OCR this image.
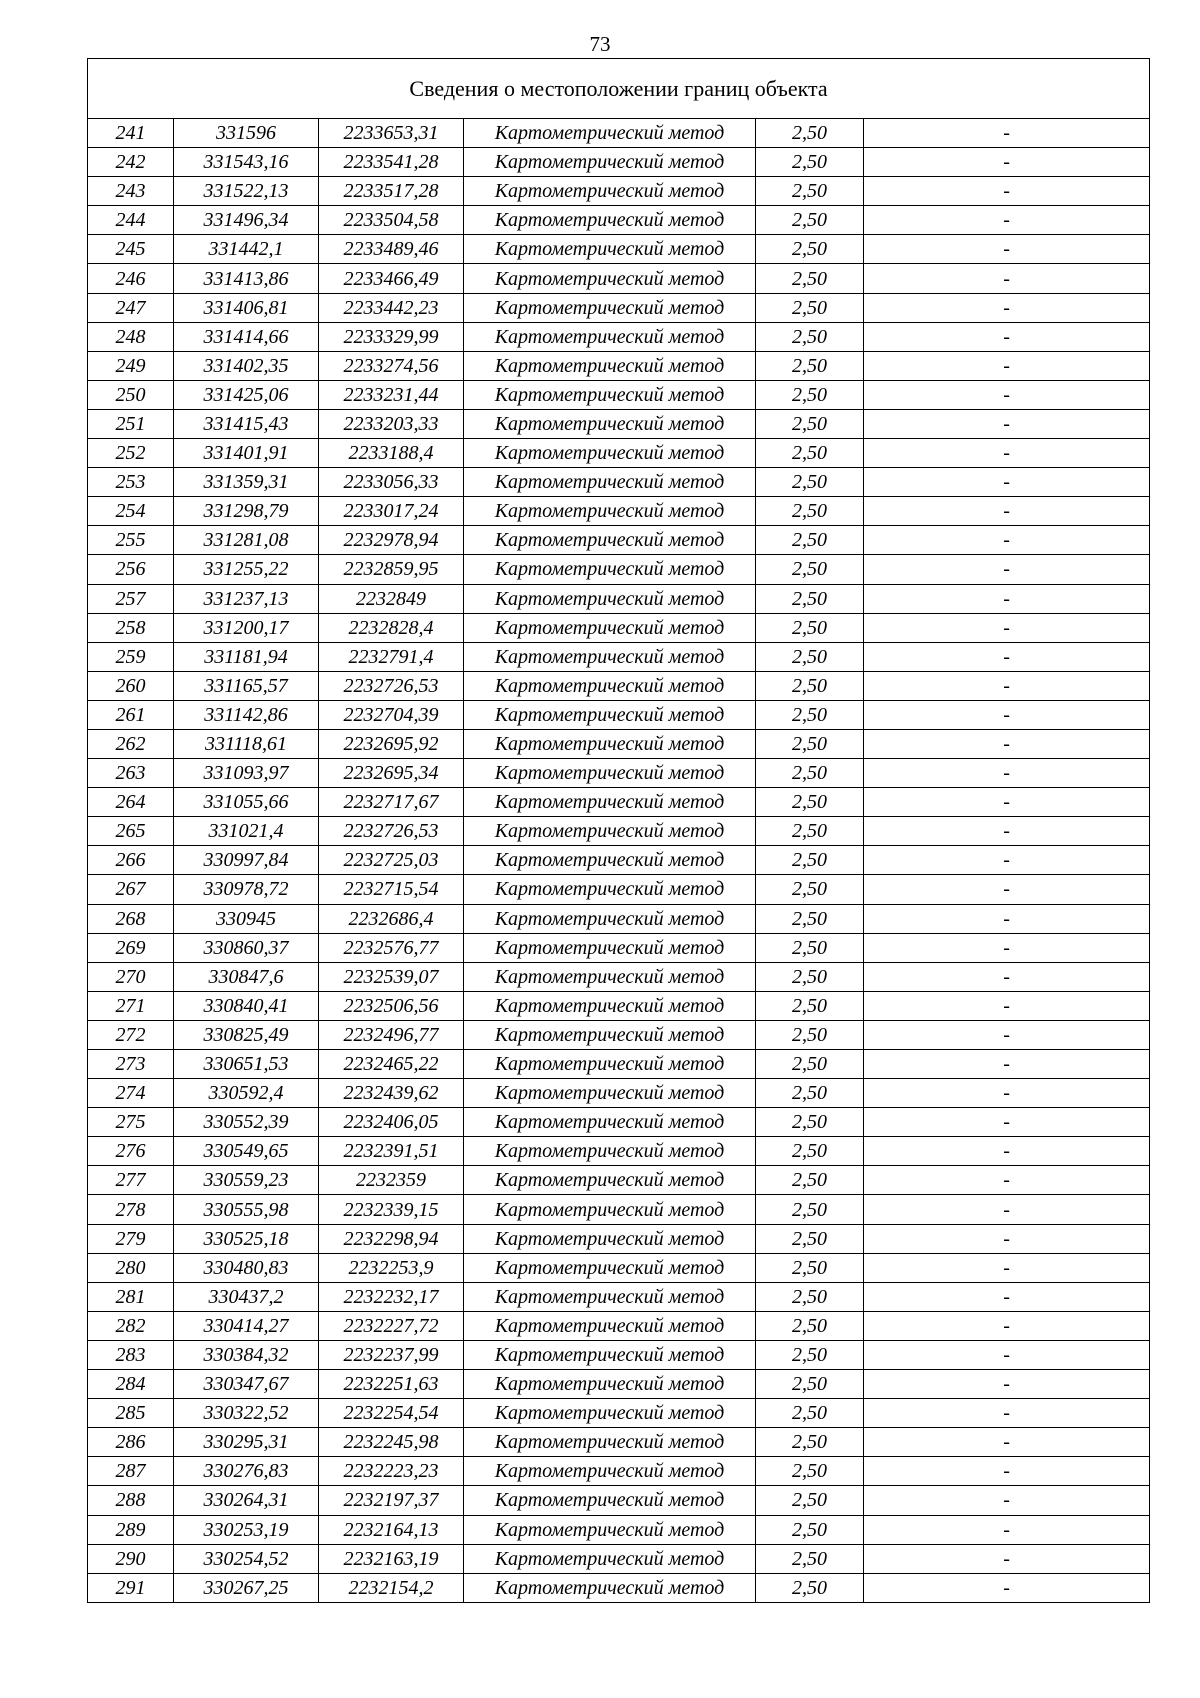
73
Сведения о местоположении границ объекта					
241	331596	2233653,31	Картометрический метод	2,50	-
242	331543,16	2233541,28	Картометрический метод	2,50	-
243	331522,13	2233517,28	Картометрический метод	2,50	-
244	331496,34	2233504,58	Картометрический метод	2,50	-
245	331442,1	2233489,46	Картометрический метод	2,50	-
246	331413,86	2233466,49	Картометрический метод	2,50	-
247	331406,81	2233442,23	Картометрический метод	2,50	-
248	331414,66	2233329,99	Картометрический метод	2,50	-
249	331402,35	2233274,56	Картометрический метод	2,50	-
250	331425,06	2233231,44	Картометрический метод	2,50	-
251	331415,43	2233203,33	Картометрический метод	2,50	-
252	331401,91	2233188,4	Картометрический метод	2,50	-
253	331359,31	2233056,33	Картометрический метод	2,50	-
254	331298,79	2233017,24	Картометрический метод	2,50	-
255	331281,08	2232978,94	Картометрический метод	2,50	-
256	331255,22	2232859,95	Картометрический метод	2,50	-
257	331237,13	2232849	Картометрический метод	2,50	-
258	331200,17	2232828,4	Картометрический метод	2,50	-
259	331181,94	2232791,4	Картометрический метод	2,50	-
260	331165,57	2232726,53	Картометрический метод	2,50	-
261	331142,86	2232704,39	Картометрический метод	2,50	-
262	331118,61	2232695,92	Картометрический метод	2,50	-
263	331093,97	2232695,34	Картометрический метод	2,50	-
264	331055,66	2232717,67	Картометрический метод	2,50	-
265	331021,4	2232726,53	Картометрический метод	2,50	-
266	330997,84	2232725,03	Картометрический метод	2,50	-
267	330978,72	2232715,54	Картометрический метод	2,50	-
268	330945	2232686,4	Картометрический метод	2,50	-
269	330860,37	2232576,77	Картометрический метод	2,50	-
270	330847,6	2232539,07	Картометрический метод	2,50	-
271	330840,41	2232506,56	Картометрический метод	2,50	-
272	330825,49	2232496,77	Картометрический метод	2,50	-
273	330651,53	2232465,22	Картометрический метод	2,50	-
274	330592,4	2232439,62	Картометрический метод	2,50	-
275	330552,39	2232406,05	Картометрический метод	2,50	-
276	330549,65	2232391,51	Картометрический метод	2,50	-
277	330559,23	2232359	Картометрический метод	2,50	-
278	330555,98	2232339,15	Картометрический метод	2,50	-
279	330525,18	2232298,94	Картометрический метод	2,50	-
280	330480,83	2232253,9	Картометрический метод	2,50	-
281	330437,2	2232232,17	Картометрический метод	2,50	-
282	330414,27	2232227,72	Картометрический метод	2,50	-
283	330384,32	2232237,99	Картометрический метод	2,50	-
284	330347,67	2232251,63	Картометрический метод	2,50	-
285	330322,52	2232254,54	Картометрический метод	2,50	-
286	330295,31	2232245,98	Картометрический метод	2,50	-
287	330276,83	2232223,23	Картометрический метод	2,50	-
288	330264,31	2232197,37	Картометрический метод	2,50	-
289	330253,19	2232164,13	Картометрический метод	2,50	-
290	330254,52	2232163,19	Картометрический метод	2,50	-
291	330267,25	2232154,2	Картометрический метод	2,50	-
